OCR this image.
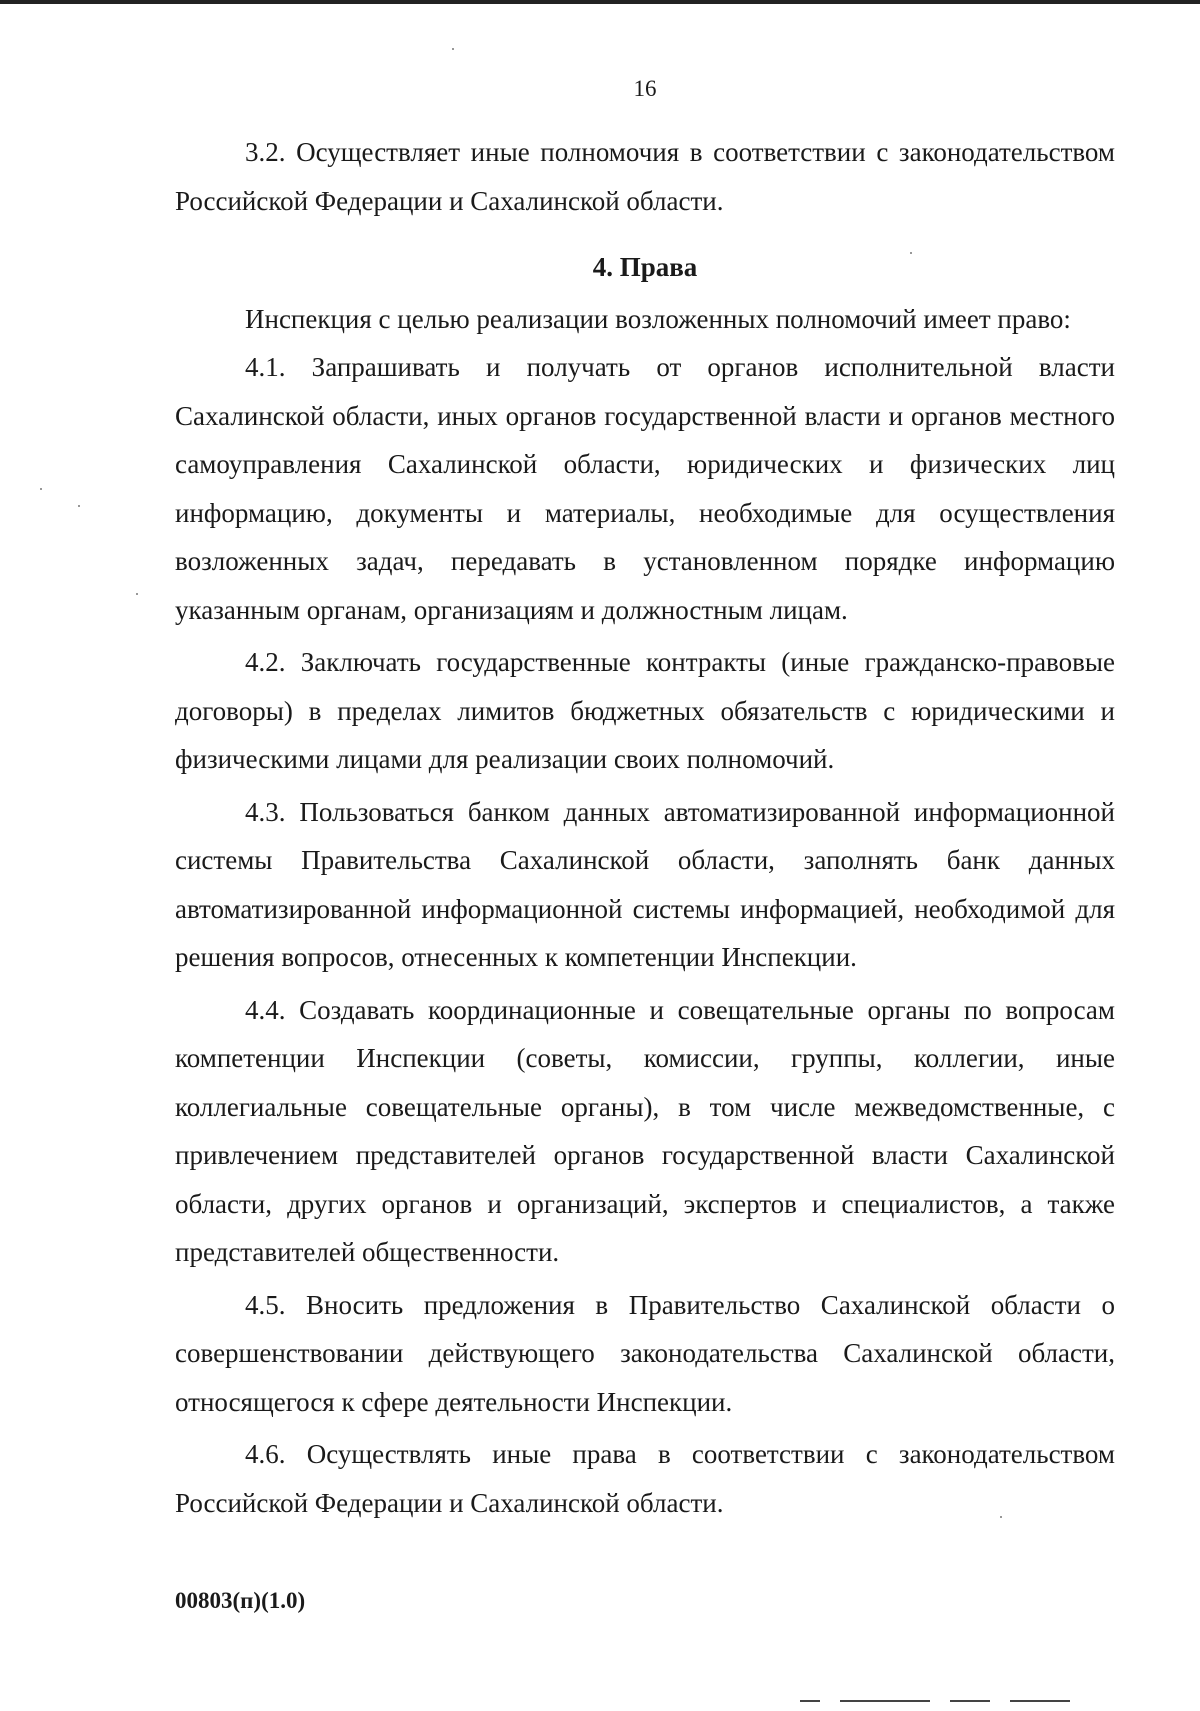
16

3.2. Осуществляет иные полномочия в соответствии с законодательством Российской Федерации и Сахалинской области.

4. Права

Инспекция с целью реализации возложенных полномочий имеет право:

4.1. Запрашивать и получать от органов исполнительной власти Сахалинской области, иных органов государственной власти и органов местного самоуправления Сахалинской области, юридических и физических лиц информацию, документы и материалы, необходимые для осуществления возложенных задач, передавать в установленном порядке информацию указанным органам, организациям и должностным лицам.

4.2. Заключать государственные контракты (иные гражданско-правовые договоры) в пределах лимитов бюджетных обязательств с юридическими и физическими лицами для реализации своих полномочий.

4.3. Пользоваться банком данных автоматизированной информационной системы Правительства Сахалинской области, заполнять банк данных автоматизированной информационной системы информацией, необходимой для решения вопросов, отнесенных к компетенции Инспекции.

4.4. Создавать координационные и совещательные органы по вопросам компетенции Инспекции (советы, комиссии, группы, коллегии, иные коллегиальные совещательные органы), в том числе межведомственные, с привлечением представителей органов государственной власти Сахалинской области, других органов и организаций, экспертов и специалистов, а также представителей общественности.

4.5. Вносить предложения в Правительство Сахалинской области о совершенствовании действующего законодательства Сахалинской области, относящегося к сфере деятельности Инспекции.

4.6. Осуществлять иные права в соответствии с законодательством Российской Федерации и Сахалинской области.

00803(п)(1.0)
